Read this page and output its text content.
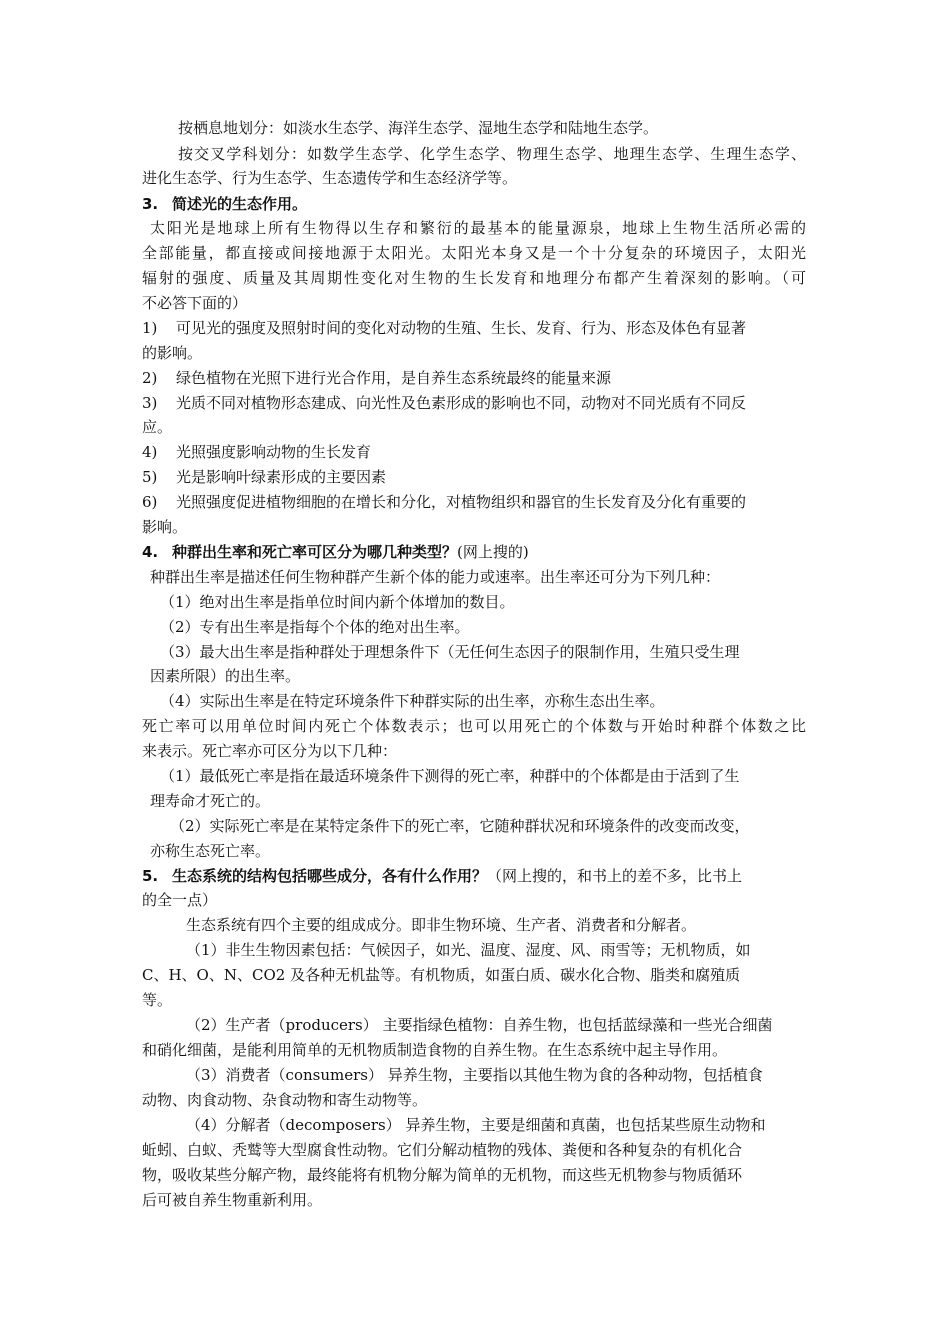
按栖息地划分：如淡水生态学、海洋生态学、湿地生态学和陆地生态学。
按交叉学科划分：如数学生态学、化学生态学、物理生态学、地理生态学、生理生态学、
进化生态学、行为生态学、生态遗传学和生态经济学等。
3. 简述光的生态作用。
太阳光是地球上所有生物得以生存和繁衍的最基本的能量源泉，地球上生物生活所必需的
全部能量，都直接或间接地源于太阳光。太阳光本身又是一个十分复杂的环境因子，太阳光
辐射的强度、质量及其周期性变化对生物的生长发育和地理分布都产生着深刻的影响。（可
不必答下面的）
1) 可见光的强度及照射时间的变化对动物的生殖、生长、发育、行为、形态及体色有显著
的影响。
2) 绿色植物在光照下进行光合作用，是自养生态系统最终的能量来源
3) 光质不同对植物形态建成、向光性及色素形成的影响也不同，动物对不同光质有不同反
应。
4) 光照强度影响动物的生长发育
5) 光是影响叶绿素形成的主要因素
6) 光照强度促进植物细胞的在增长和分化，对植物组织和器官的生长发育及分化有重要的
影响。
4. 种群出生率和死亡率可区分为哪几种类型？(网上搜的)
种群出生率是描述任何生物种群产生新个体的能力或速率。出生率还可分为下列几种：
（1）绝对出生率是指单位时间内新个体增加的数目。
（2）专有出生率是指每个个体的绝对出生率。
（3）最大出生率是指种群处于理想条件下（无任何生态因子的限制作用，生殖只受生理
因素所限）的出生率。
（4）实际出生率是在特定环境条件下种群实际的出生率，亦称生态出生率。
死亡率可以用单位时间内死亡个体数表示；也可以用死亡的个体数与开始时种群个体数之比
来表示。死亡率亦可区分为以下几种：
（1）最低死亡率是指在最适环境条件下测得的死亡率，种群中的个体都是由于活到了生
理寿命才死亡的。
（2）实际死亡率是在某特定条件下的死亡率，它随种群状况和环境条件的改变而改变，
亦称生态死亡率。
5. 生态系统的结构包括哪些成分，各有什么作用？（网上搜的，和书上的差不多，比书上
的全一点）
生态系统有四个主要的组成成分。即非生物环境、生产者、消费者和分解者。
（1）非生生物因素包括：气候因子，如光、温度、湿度、风、雨雪等；无机物质，如
C、H、O、N、CO2 及各种无机盐等。有机物质，如蛋白质、碳水化合物、脂类和腐殖质
等。
（2）生产者（producers） 主要指绿色植物：自养生物，也包括蓝绿藻和一些光合细菌
和硝化细菌，是能利用简单的无机物质制造食物的自养生物。在生态系统中起主导作用。
（3）消费者（consumers） 异养生物，主要指以其他生物为食的各种动物，包括植食
动物、肉食动物、杂食动物和寄生动物等。
（4）分解者（decomposers） 异养生物，主要是细菌和真菌，也包括某些原生动物和
蚯蚓、白蚁、秃鹫等大型腐食性动物。它们分解动植物的残体、粪便和各种复杂的有机化合
物，吸收某些分解产物，最终能将有机物分解为简单的无机物，而这些无机物参与物质循环
后可被自养生物重新利用。
